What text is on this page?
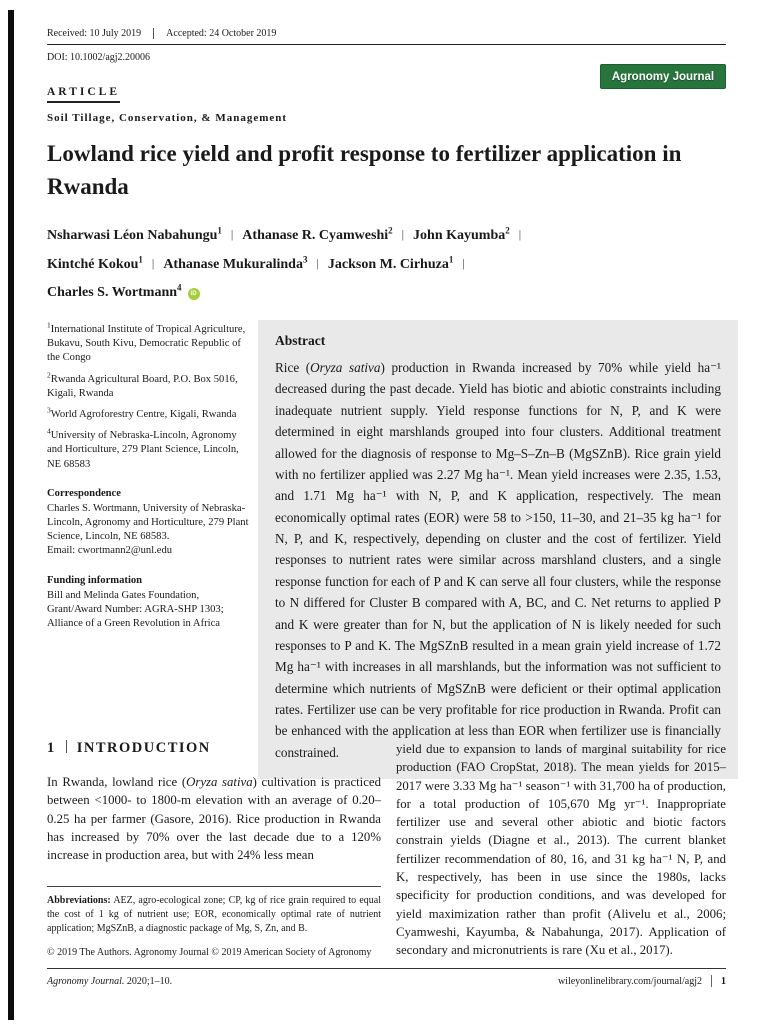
Received: 10 July 2019	Accepted: 24 October 2019
DOI: 10.1002/agj2.20006
Agronomy Journal
ARTICLE
Soil Tillage, Conservation, & Management
Lowland rice yield and profit response to fertilizer application in Rwanda
Nsharwasi Léon Nabahungu$^1$ | Athanase R. Cyamweshi$^2$ | John Kayumba$^2$ |
Kintché Kokou$^1$ | Athanase Mukuralinda$^3$ | Jackson M. Cirhuza$^1$ |
Charles S. Wortmann$^4$iD

$^1$International Institute of Tropical Agriculture, Bukavu, South Kivu, Democratic Republic of the Congo

$^2$Rwanda Agricultural Board, P.O. Box 5016, Kigali, Rwanda

$^3$World Agroforestry Centre, Kigali, Rwanda

$^4$University of Nebraska-Lincoln, Agronomy and Horticulture, 279 Plant Science, Lincoln, NE 68583

Correspondence

Charles S. Wortmann, University of Nebraska-Lincoln, Agronomy and Horticulture, 279 Plant Science, Lincoln, NE 68583.

Email: cwortmann2@unl.edu

Funding information

Bill and Melinda Gates Foundation, Grant/Award Number: AGRA-SHP 1303; Alliance of a Green Revolution in Africa

Abstract
Rice (Oryza sativa) production in Rwanda increased by 70% while yield ha⁻¹ decreased during the past decade. Yield has biotic and abiotic constraints including inadequate nutrient supply. Yield response functions for N, P, and K were determined in eight marshlands grouped into four clusters. Additional treatment allowed for the diagnosis of response to Mg–S–Zn–B (MgSZnB). Rice grain yield with no fertilizer applied was 2.27 Mg ha⁻¹. Mean yield increases were 2.35, 1.53, and 1.71 Mg ha⁻¹ with N, P, and K application, respectively. The mean economically optimal rates (EOR) were 58 to >150, 11–30, and 21–35 kg ha⁻¹ for N, P, and K, respectively, depending on cluster and the cost of fertilizer. Yield responses to nutrient rates were similar across marshland clusters, and a single response function for each of P and K can serve all four clusters, while the response to N differed for Cluster B compared with A, BC, and C. Net returns to applied P and K were greater than for N, but the application of N is likely needed for such responses to P and K. The MgSZnB resulted in a mean grain yield increase of 1.72 Mg ha⁻¹ with increases in all marshlands, but the information was not sufficient to determine which nutrients of MgSZnB were deficient or their optimal application rates. Fertilizer use can be very profitable for rice production in Rwanda. Profit can be enhanced with the application at less than EOR when fertilizer use is financially constrained.
1 INTRODUCTION
In Rwanda, lowland rice (Oryza sativa) cultivation is practiced between <1000- to 1800-m elevation with an average of 0.20–0.25 ha per farmer (Gasore, 2016). Rice production in Rwanda has increased by 70% over the last decade due to a 120% increase in production area, but with 24% less mean
yield due to expansion to lands of marginal suitability for rice production (FAO CropStat, 2018). The mean yields for 2015–2017 were 3.33 Mg ha⁻¹ season⁻¹ with 31,700 ha of production, for a total production of 105,670 Mg yr⁻¹. Inappropriate fertilizer use and several other abiotic and biotic factors constrain yields (Diagne et al., 2013). The current blanket fertilizer recommendation of 80, 16, and 31 kg ha⁻¹ N, P, and K, respectively, has been in use since the 1980s, lacks specificity for production conditions, and was developed for yield maximization rather than profit (Alivelu et al., 2006; Cyamweshi, Kayumba, & Nabahunga, 2017). Application of secondary and micronutrients is rare (Xu et al., 2017).
Abbreviations: AEZ, agro-ecological zone; CP, kg of rice grain required to equal the cost of 1 kg of nutrient use; EOR, economically optimal rate of nutrient application; MgSZnB, a diagnostic package of Mg, S, Zn, and B.
© 2019 The Authors. Agronomy Journal © 2019 American Society of Agronomy
Agronomy Journal. 2020;1–10.	wileyonlinelibrary.com/journal/agj2 1
